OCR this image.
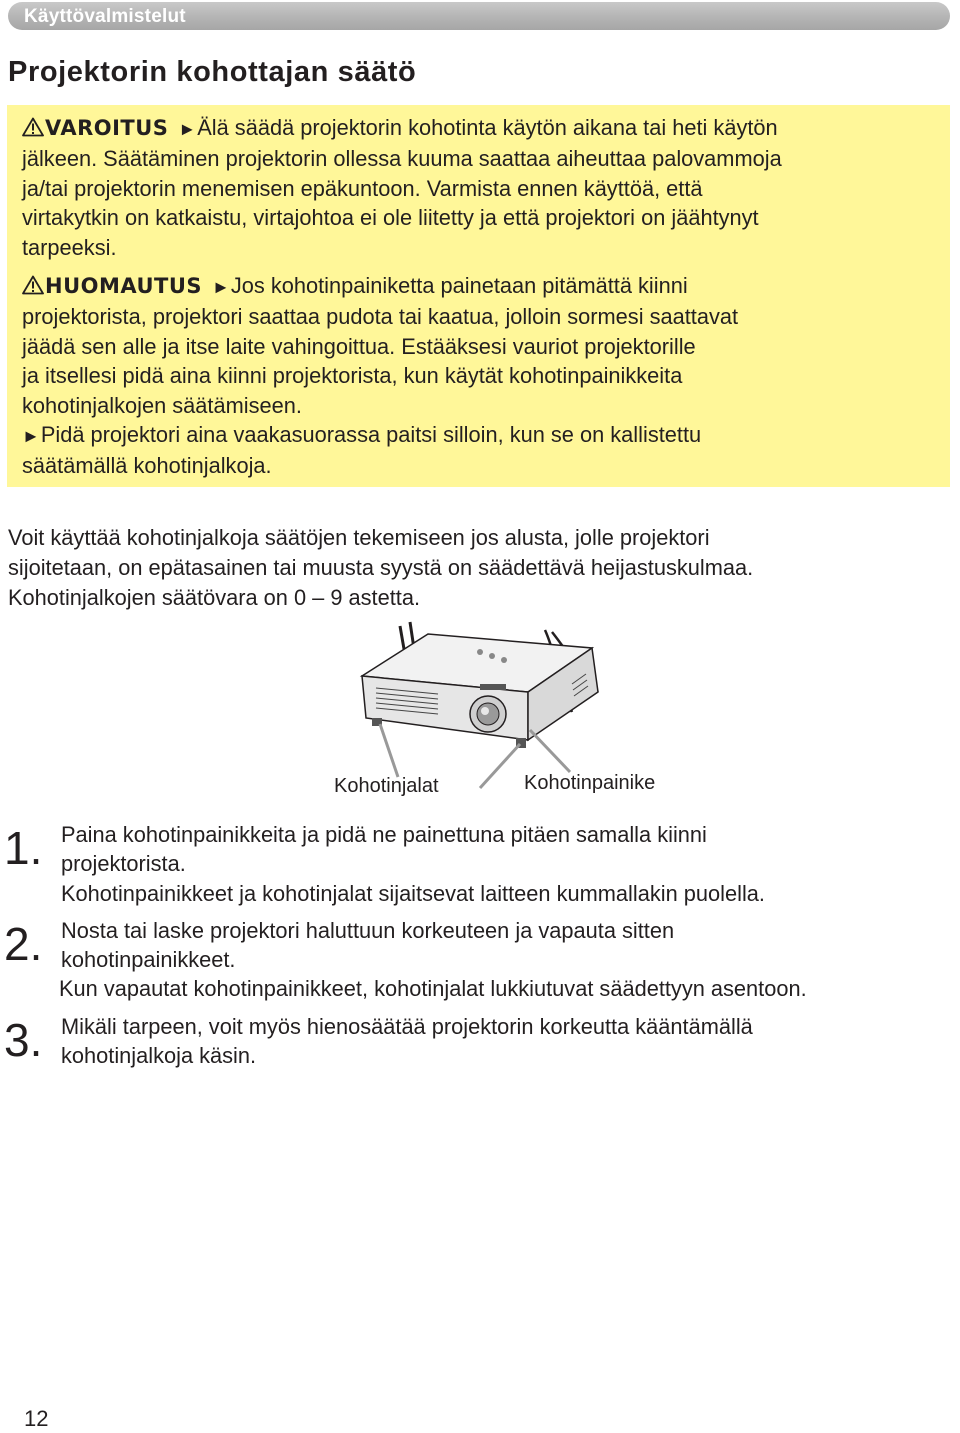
Käyttövalmistelut
Projektorin kohottajan säätö

VAROITUS ►Älä säädä projektorin kohotinta käytön aikana tai heti käytön
jälkeen. Säätäminen projektorin ollessa kuuma saattaa aiheuttaa palovammoja
ja/tai projektorin menemisen epäkuntoon. Varmista ennen käyttöä, että
virtakytkin on katkaistu, virtajohtoa ei ole liitetty ja että projektori on jäähtynyt
tarpeeksi.

HUOMAUTUS ►Jos kohotinpainiketta painetaan pitämättä kiinni
projektorista, projektori saattaa pudota tai kaatua, jolloin sormesi saattavat
jäädä sen alle ja itse laite vahingoittua. Estääksesi vauriot projektorille
ja itsellesi pidä aina kiinni projektorista, kun käytät kohotinpainikkeita
kohotinjalkojen säätämiseen.
►Pidä projektori aina vaakasuorassa paitsi silloin, kun se on kallistettu
säätämällä kohotinjalkoja.

Voit käyttää kohotinjalkoja säätöjen tekemiseen jos alusta, jolle projektori
sijoitetaan, on epätasainen tai muusta syystä on säädettävä heijastuskulmaa.
Kohotinjalkojen säätövara on 0 – 9 astetta.

Kohotinjalat	Kohotinpainike
1. Paina kohotinpainikkeita ja pidä ne painettuna pitäen samalla kiinni
projektorista.
Kohotinpainikkeet ja kohotinjalat sijaitsevat laitteen kummallakin puolella.
2. Nosta tai laske projektori haluttuun korkeuteen ja vapauta sitten
kohotinpainikkeet.
Kun vapautat kohotinpainikkeet, kohotinjalat lukkiutuvat säädettyyn asentoon.
3. Mikäli tarpeen, voit myös hienosäätää projektorin korkeutta kääntämällä
kohotinjalkoja käsin.
12
